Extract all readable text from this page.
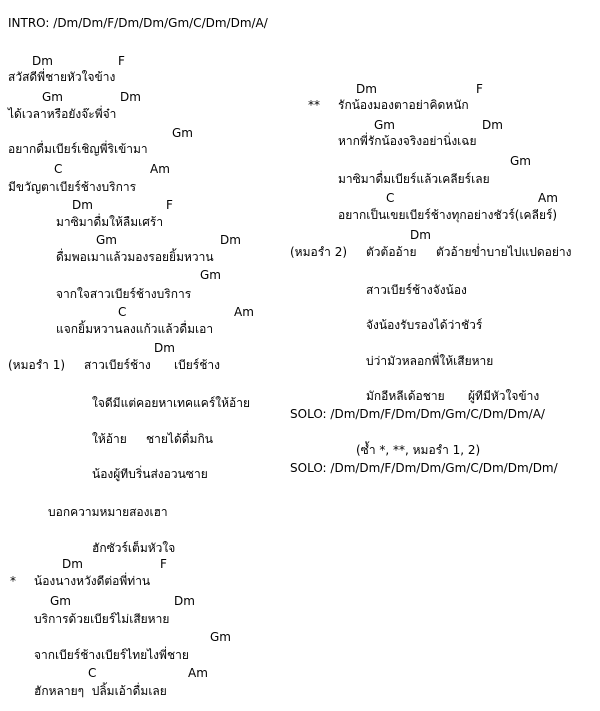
INTRO: /Dm/Dm/F/Dm/Dm/Gm/C/Dm/Dm/A/

Dm	F

สวัสดีพี่ชายหัวใจข้าง

Gm	Dm

ได้เวลาหรือยังจ๊ะพี่จ๋า

Gm

อยากดื่มเบียร์เชิญพี่ริเข้ามา

C	Am

มีขวัญตาเบียร์ช้างบริการ

Dm	F

มาซิมาดื่มให้ลืมเศร้า

Gm	Dm

ดื่มพอเมาแล้วมองรอยยิ้มหวาน

Gm

จากใจสาวเบียร์ช้างบริการ

C	Am

แจกยิ้มหวานลงแก้วแล้วดื่มเอา

Dm

(หมอรำ 1) สาวเบียร์ช้าง เบียร์ช้าง

ใจดีมีแต่คอยหาเทคแคร์ให้อ้าย

ให้อ้าย ชายได้ดื่มกิน

น้องผู้ทีบริ่นส่งอวนซาย

บอกความหมายสองเฮา

ฮักซัวร์เต็มหัวใจ

Dm	F

* น้องนางหวังดีต่อพี่ท่าน

Gm	Dm

บริการด้วยเบียร์ไม่เสียหาย

Gm

จากเบียร์ช้างเบียร์ไทยไงพี่ชาย

C	Am

ฮักหลายๆ  ปลิ้มเอ้าดื่มเลย

Dm	F

** รักน้องมองตาอย่าคิดหนัก

Gm	Dm

หากพี่รักน้องจริงอย่านิ่งเฉย

Gm

มาซิมาดื่มเบียร์แล้วเคลียร์เลย

C	Am

อยากเป็นเขยเบียร์ช้างทุกอย่างชัวร์(เคลียร์)

Dm

(หมอรำ 2) ตัวต้ออ้าย ตัวอ้ายข่ำบายไปแปดอย่าง

สาวเบียร์ช้างจังน้อง

จังน้องรับรองได้ว่าชัวร์

บ่ว่ามัวหลอกพี่ให้เสียหาย

มักอีหลีเด้อชาย ผู้ทีมีหัวใจข้าง

SOLO: /Dm/Dm/F/Dm/Dm/Gm/C/Dm/Dm/A/

(ซ้ำ *, **, หมอรำ 1, 2)

SOLO: /Dm/Dm/F/Dm/Dm/Gm/C/Dm/Dm/Dm/
